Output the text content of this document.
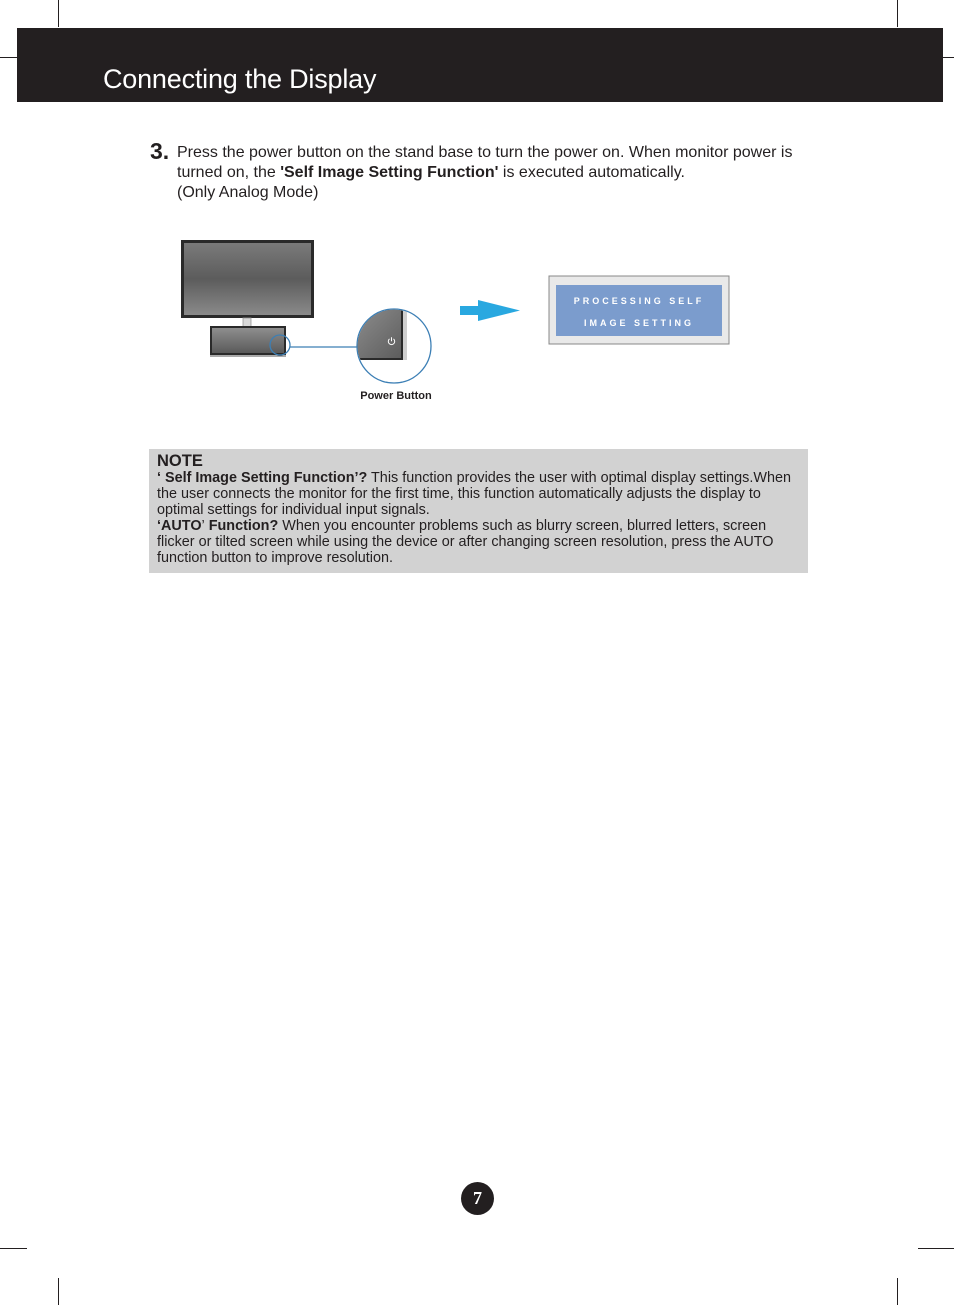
Connecting the Display
3. Press the power button on the stand base to turn the power on. When monitor power is turned on, the 'Self Image Setting Function' is executed automatically.
(Only Analog Mode)
Power Button
PROCESSING SELF
IMAGE SETTING
NOTE
‘ Self Image Setting Function’? This function provides the user with optimal display settings.When the user connects the monitor for the first time, this function automatically adjusts the display to optimal settings for individual input signals.
‘AUTO’ Function? When you encounter problems such as blurry screen, blurred letters, screen flicker or tilted screen while using the device or after changing screen resolution, press the AUTO function button to improve resolution.
7
